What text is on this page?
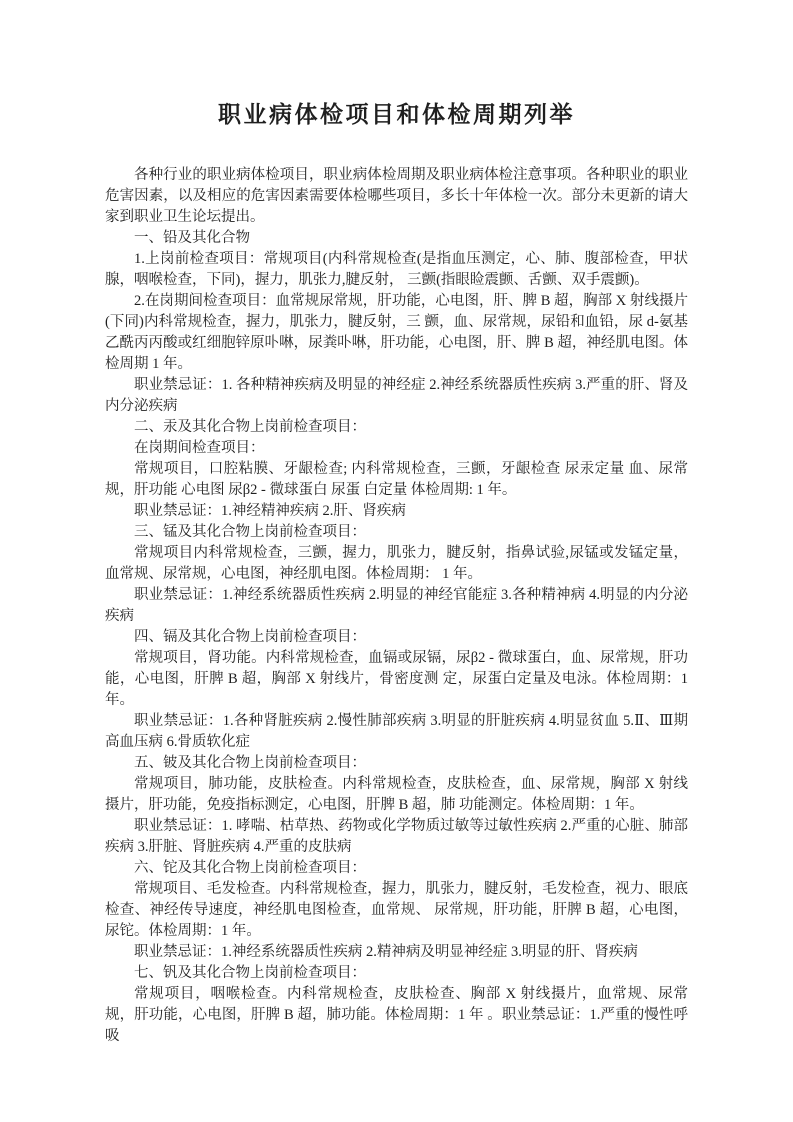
职业病体检项目和体检周期列举

各种行业的职业病体检项目，职业病体检周期及职业病体检注意事项。各种职业的职业危害因素，以及相应的危害因素需要体检哪些项目，多长十年体检一次。部分未更新的请大家到职业卫生论坛提出。

一、铅及其化合物

1.上岗前检查项目：常规项目(内科常规检查(是指血压测定，心、肺、腹部检查，甲状腺，咽喉检查，下同)，握力，肌张力,腱反射， 三颤(指眼睑震颤、舌颤、双手震颤)。

2.在岗期间检查项目：血常规尿常规，肝功能，心电图，肝、脾 B 超，胸部 X 射线摄片(下同)内科常规检查，握力，肌张力，腱反射，三 颤，血、尿常规，尿铅和血铅，尿 d-氨基乙酰丙丙酸或红细胞锌原卟啉，尿粪卟啉，肝功能，心电图，肝、脾 B 超，神经肌电图。体检周期 1 年。

职业禁忌证：1. 各种精神疾病及明显的神经症 2.神经系统器质性疾病 3.严重的肝、肾及内分泌疾病

二、汞及其化合物上岗前检查项目：

在岗期间检查项目：

常规项目，口腔粘膜、牙龈检查; 内科常规检查，三颤，牙龈检查 尿汞定量 血、尿常规，肝功能 心电图 尿β2 - 微球蛋白 尿蛋 白定量 体检周期: 1 年。

职业禁忌证：1.神经精神疾病 2.肝、肾疾病

三、锰及其化合物上岗前检查项目：

常规项目内科常规检查，三颤，握力，肌张力，腱反射，指鼻试验,尿锰或发锰定量，血常规、尿常规，心电图，神经肌电图。体检周期： 1 年。

职业禁忌证：1.神经系统器质性疾病 2.明显的神经官能症 3.各种精神病 4.明显的内分泌疾病

四、镉及其化合物上岗前检查项目：

常规项目，肾功能。内科常规检查，血镉或尿镉，尿β2 - 微球蛋白，血、尿常规，肝功能，心电图，肝脾 B 超，胸部 X 射线片，骨密度测 定，尿蛋白定量及电泳。体检周期：1 年。

职业禁忌证：1.各种肾脏疾病 2.慢性肺部疾病 3.明显的肝脏疾病 4.明显贫血 5.Ⅱ、Ⅲ期高血压病 6.骨质软化症

五、铍及其化合物上岗前检查项目：

常规项目，肺功能，皮肤检查。内科常规检查，皮肤检查，血、尿常规，胸部 X 射线摄片，肝功能，免疫指标测定，心电图，肝脾 B 超，肺 功能测定。体检周期：1 年。

职业禁忌证：1. 哮喘、枯草热、药物或化学物质过敏等过敏性疾病 2.严重的心脏、肺部疾病 3.肝脏、肾脏疾病 4.严重的皮肤病

六、铊及其化合物上岗前检查项目：

常规项目、毛发检查。内科常规检查，握力，肌张力，腱反射，毛发检查，视力、眼底检查、神经传导速度，神经肌电图检查，血常规、 尿常规，肝功能，肝脾 B 超，心电图，尿铊。体检周期：1 年。

职业禁忌证：1.神经系统器质性疾病 2.精神病及明显神经症 3.明显的肝、肾疾病

七、钒及其化合物上岗前检查项目：

常规项目，咽喉检查。内科常规检查，皮肤检查、胸部 X 射线摄片，血常规、尿常规，肝功能，心电图，肝脾 B 超，肺功能。体检周期：1 年 。职业禁忌证：1.严重的慢性呼吸
